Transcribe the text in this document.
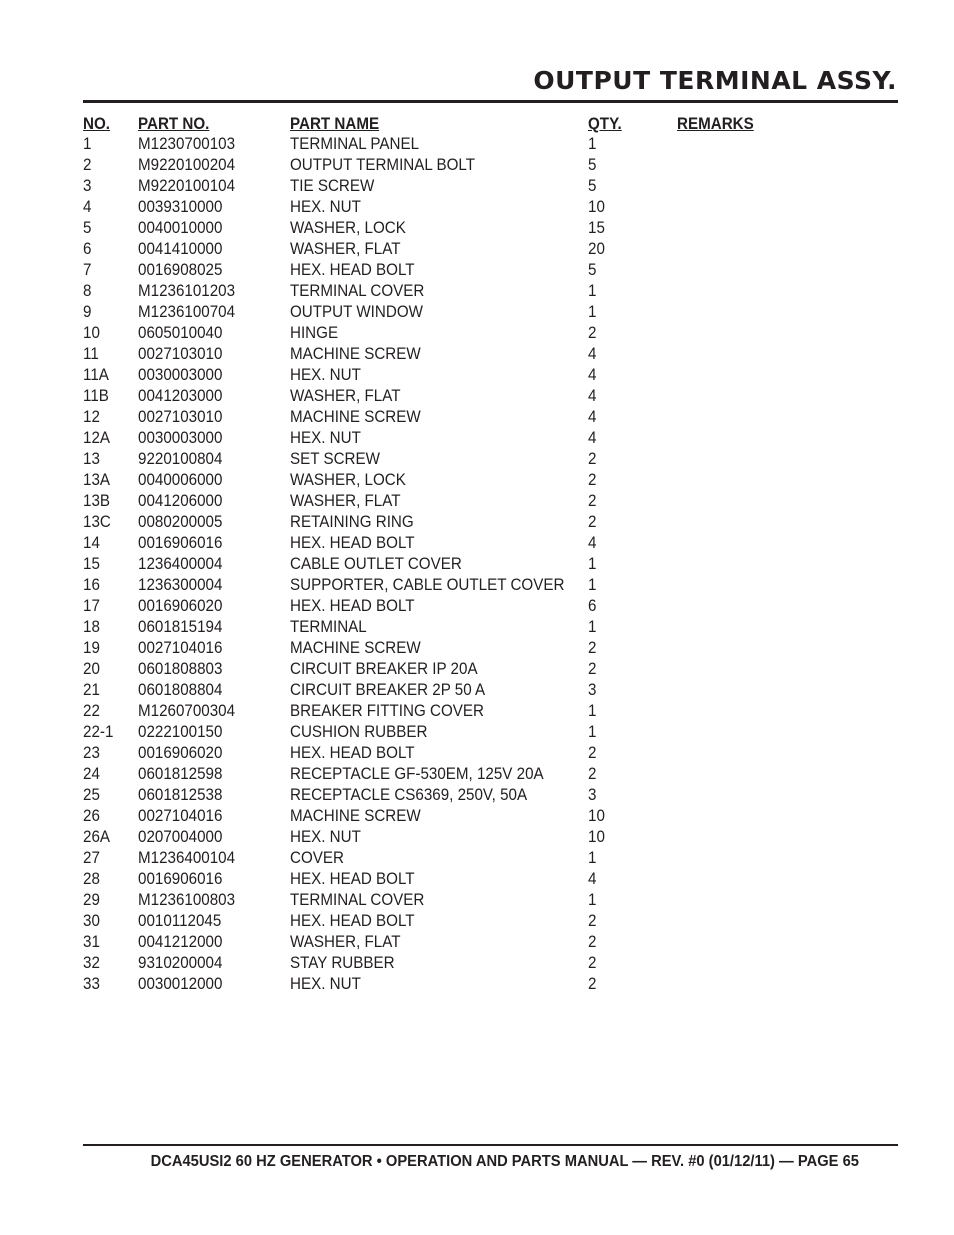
OUTPUT TERMINAL ASSY.
NO.	PART NO.	PART NAME	QTY.	REMARKS
1	M1230700103	TERMINAL PANEL	1	
2	M9220100204	OUTPUT TERMINAL BOLT	5	
3	M9220100104	TIE SCREW	5	
4	0039310000	HEX. NUT	10	
5	0040010000	WASHER, LOCK	15	
6	0041410000	WASHER, FLAT	20	
7	0016908025	HEX. HEAD BOLT	5	
8	M1236101203	TERMINAL COVER	1	
9	M1236100704	OUTPUT WINDOW	1	
10	0605010040	HINGE	2	
11	0027103010	MACHINE SCREW	4	
11A	0030003000	HEX. NUT	4	
11B	0041203000	WASHER, FLAT	4	
12	0027103010	MACHINE SCREW	4	
12A	0030003000	HEX. NUT	4	
13	9220100804	SET SCREW	2	
13A	0040006000	WASHER, LOCK	2	
13B	0041206000	WASHER, FLAT	2	
13C	0080200005	RETAINING RING	2	
14	0016906016	HEX. HEAD BOLT	4	
15	1236400004	CABLE OUTLET COVER	1	
16	1236300004	SUPPORTER, CABLE OUTLET COVER	1	
17	0016906020	HEX. HEAD BOLT	6	
18	0601815194	TERMINAL	1	
19	0027104016	MACHINE SCREW	2	
20	0601808803	CIRCUIT BREAKER IP 20A	2	
21	0601808804	CIRCUIT BREAKER 2P 50 A	3	
22	M1260700304	BREAKER FITTING COVER	1	
22-1	0222100150	CUSHION RUBBER	1	
23	0016906020	HEX. HEAD BOLT	2	
24	0601812598	RECEPTACLE GF-530EM, 125V 20A	2	
25	0601812538	RECEPTACLE CS6369, 250V, 50A	3	
26	0027104016	MACHINE SCREW	10	
26A	0207004000	HEX. NUT	10	
27	M1236400104	COVER	1	
28	0016906016	HEX. HEAD BOLT	4	
29	M1236100803	TERMINAL COVER	1	
30	0010112045	HEX. HEAD BOLT	2	
31	0041212000	WASHER, FLAT	2	
32	9310200004	STAY RUBBER	2	
33	0030012000	HEX. NUT	2	

DCA45USI2 60 HZ GENERATOR • OPERATION AND PARTS MANUAL — REV. #0 (01/12/11) — PAGE 65
